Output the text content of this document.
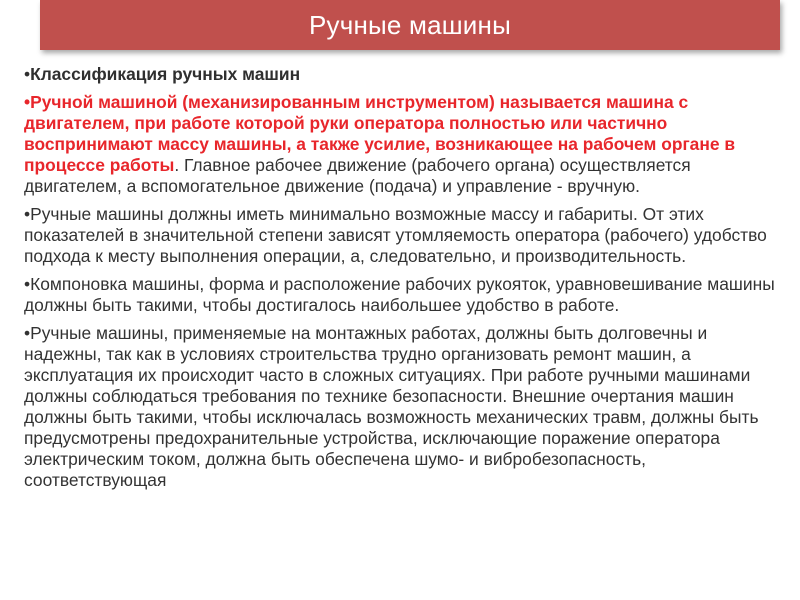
Ручные машины

•Классификация ручных машин

•Ручной машиной (механизированным инструментом) называется машина с двигателем, при работе которой руки оператора полностью или частично воспринимают массу машины, а также усилие, возникающее на рабочем органе в процессе работы. Главное рабочее движение (рабочего органа) осуществляется двигателем, а вспомогательное движение (подача) и управление - вручную.

•Ручные машины должны иметь минимально возможные массу и габариты. От этих показателей в значительной степени зависят утомляемость оператора (рабочего) удобство подхода к месту выполнения операции, а, следовательно, и производительность.

•Компоновка машины, форма и расположение рабочих рукояток, уравновешивание машины должны быть такими, чтобы достигалось наибольшее удобство в работе.

•Ручные машины, применяемые на монтажных работах, должны быть долговечны и надежны, так как в условиях строительства трудно организовать ремонт машин, а эксплуатация их происходит часто в сложных ситуациях. При работе ручными машинами должны соблюдаться требования по технике безопасности. Внешние очертания машин должны быть такими, чтобы исключалась возможность механических травм, должны быть предусмотрены предохранительные устройства, исключающие поражение оператора электрическим током, должна быть обеспечена шумо- и вибробезопасность, соответствующая
